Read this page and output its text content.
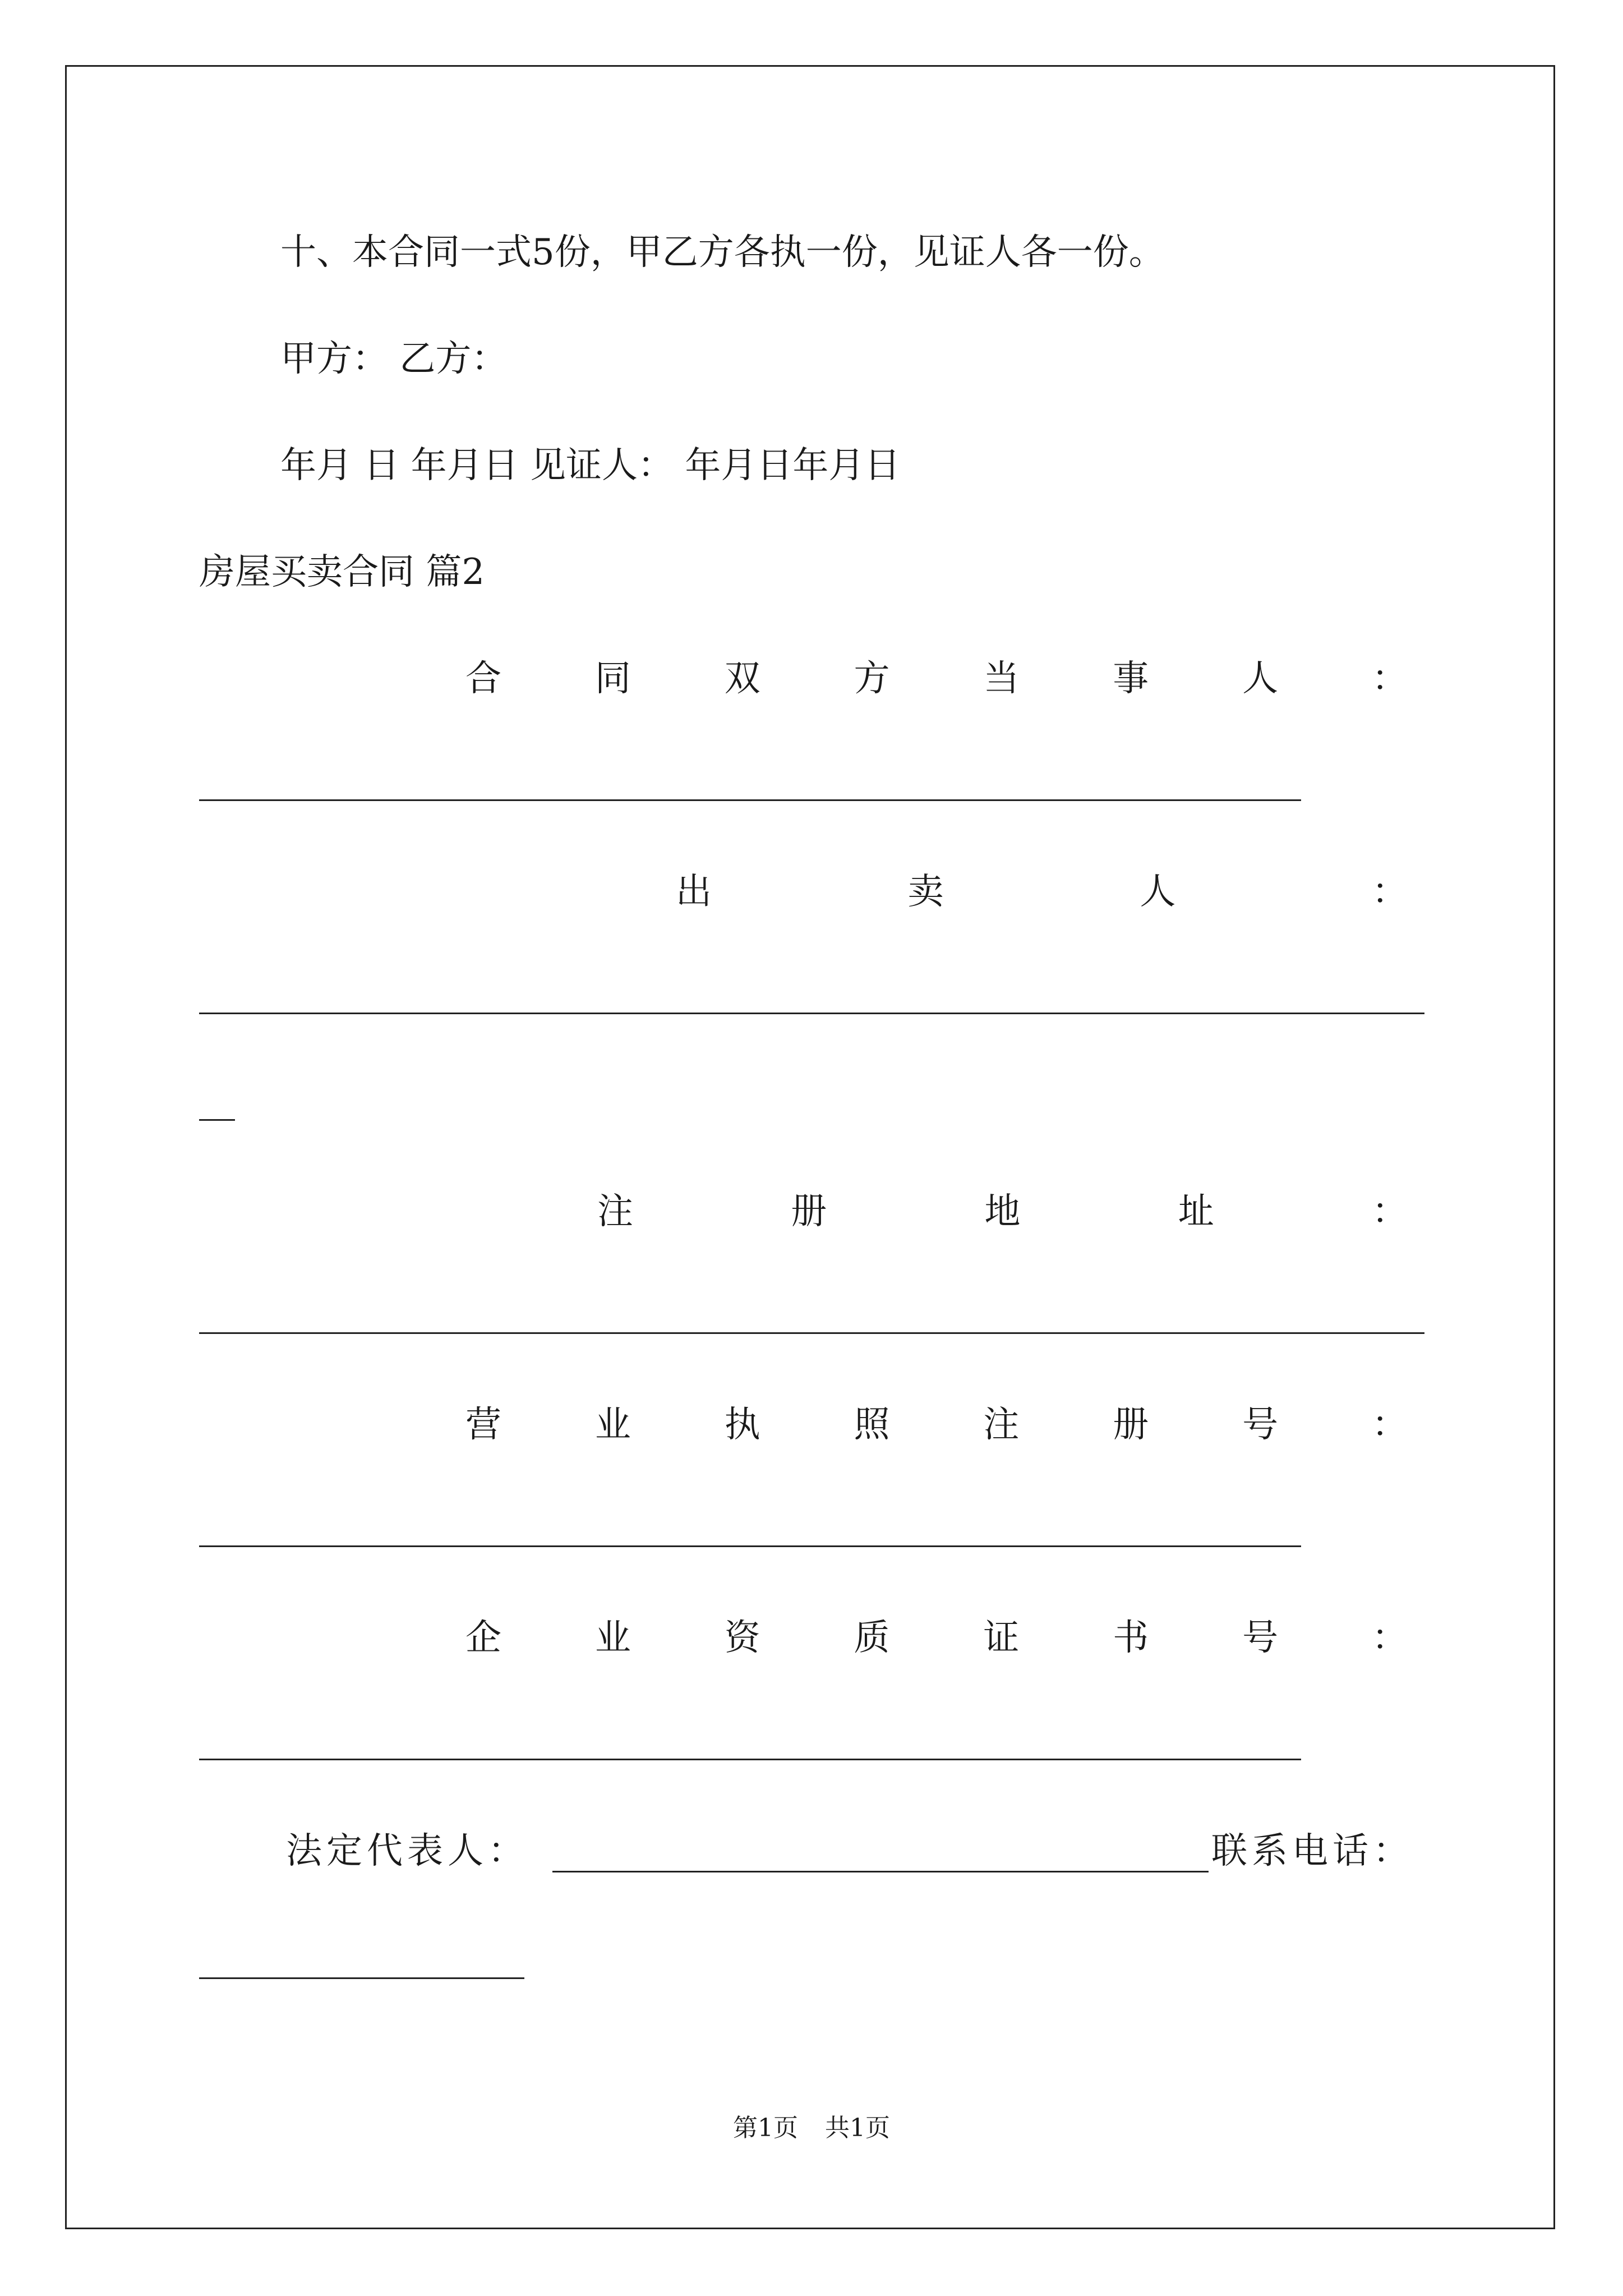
十、本合同一式5份，甲乙方各执一份，见证人各一份。
甲方： 乙方：
年月 日 年月日 见证人： 年月日年月日
房屋买卖合同 篇2
合	同	双	方	当	事	人	：
出	卖	人	：
注	册	地	址	：
营	业	执	照	注	册	号	：
企	业	资	质	证	书	号	：
法定代表人：	联系电话：
第1页 共1页
